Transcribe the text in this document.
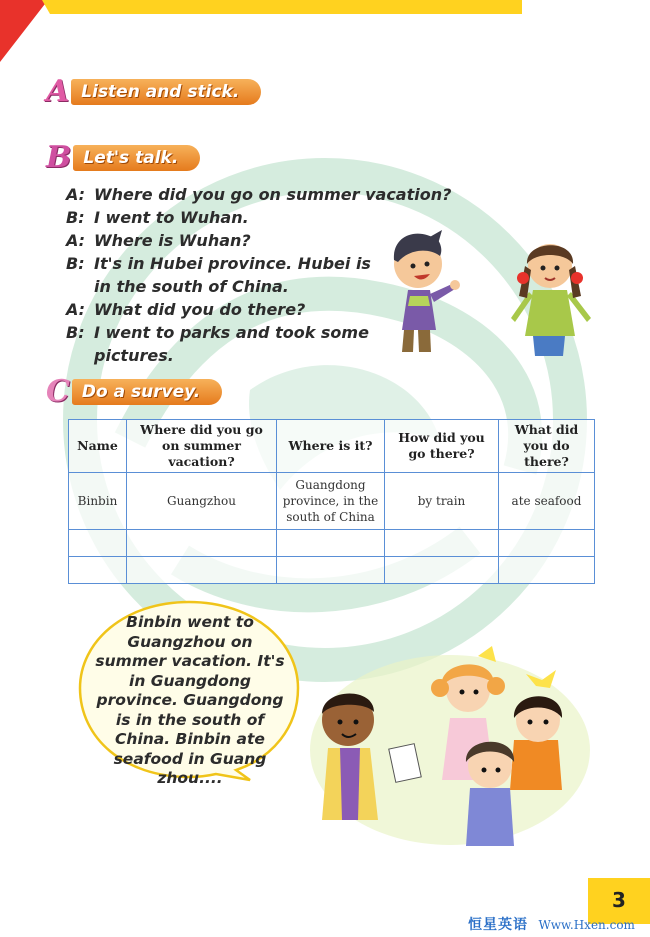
A Listen and stick.
B Let's talk.
A: Where did you go on summer vacation?
B: I went to Wuhan.
A: Where is Wuhan?
B: It's in Hubei province. Hubei is in the south of China.
A: What did you do there?
B: I went to parks and took some pictures.
C Do a survey.
Name	Where did you go on summer vacation?	Where is it?	How did you go there?	What did you do there?
Binbin	Guangzhou	Guangdong province, in the south of China	by train	ate seafood

Binbin went to Guangzhou on summer vacation. It's in Guangdong province. Guangdong is in the south of China. Binbin ate seafood in Guang zhou....
3
恒星英语 Www.Hxen.com
